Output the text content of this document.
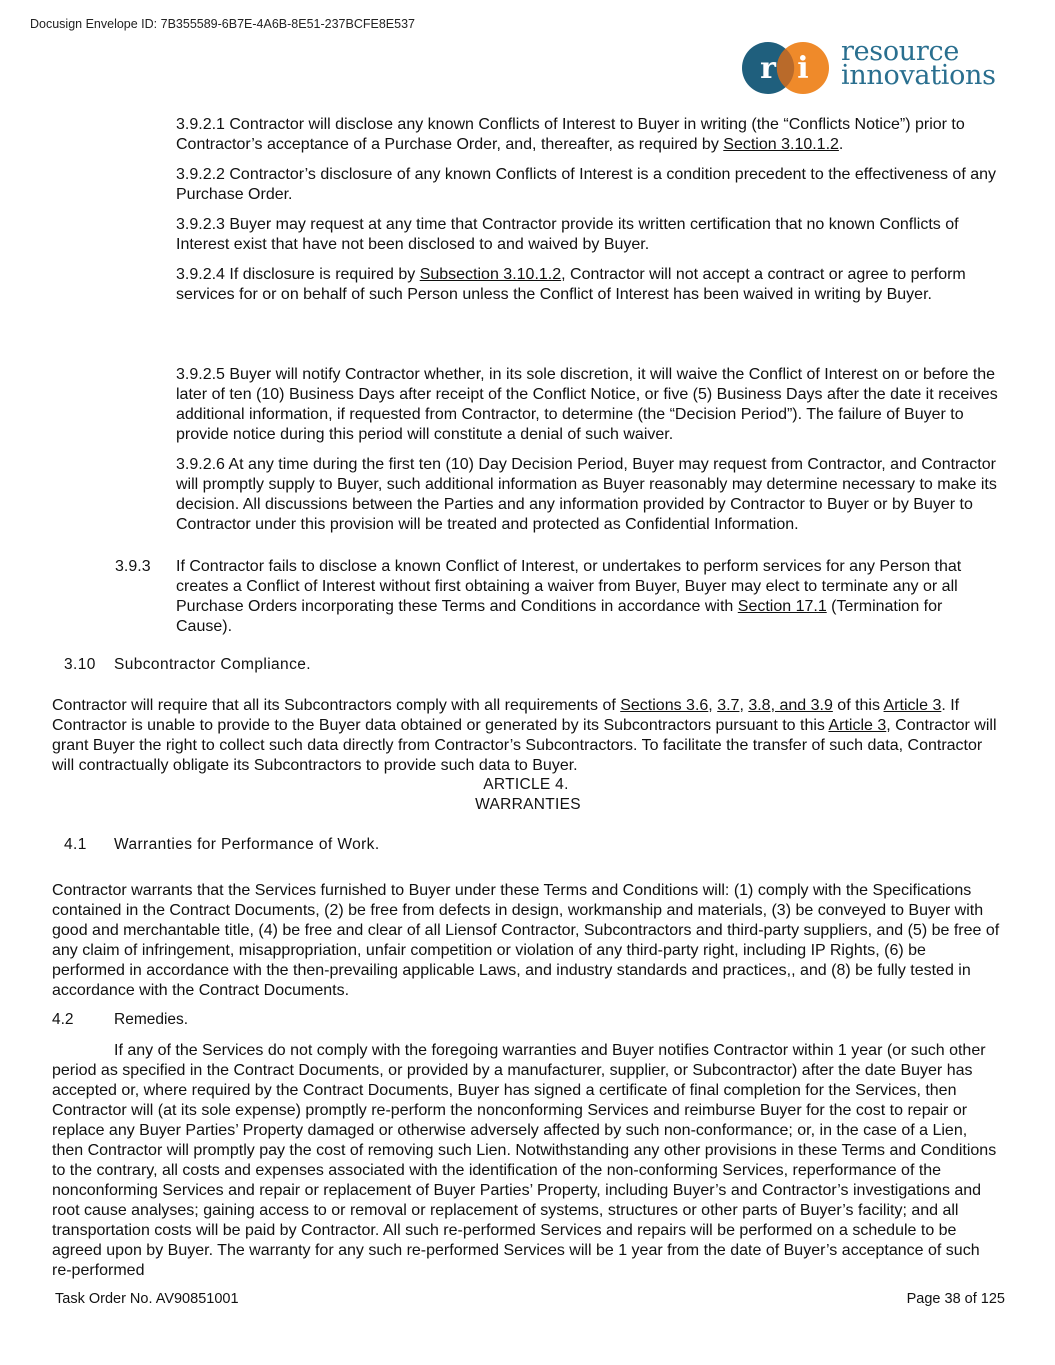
Docusign Envelope ID: 7B355589-6B7E-4A6B-8E51-237BCFE8E537
r i resource
innovations

3.9.2.1 Contractor will disclose any known Conflicts of Interest to Buyer in writing (the “Conflicts Notice”) prior to Contractor’s acceptance of a Purchase Order, and, thereafter, as required by Section 3.10.1.2.

3.9.2.2 Contractor’s disclosure of any known Conflicts of Interest is a condition precedent to the effectiveness of any Purchase Order.

3.9.2.3 Buyer may request at any time that Contractor provide its written certification that no known Conflicts of Interest exist that have not been disclosed to and waived by Buyer.

3.9.2.4 If disclosure is required by Subsection 3.10.1.2, Contractor will not accept a contract or agree to perform services for or on behalf of such Person unless the Conflict of Interest has been waived in writing by Buyer.

3.9.2.5 Buyer will notify Contractor whether, in its sole discretion, it will waive the Conflict of Interest on or before the later of ten (10) Business Days after receipt of the Conflict Notice, or five (5) Business Days after the date it receives additional information, if requested from Contractor, to determine (the “Decision Period”). The failure of Buyer to provide notice during this period will constitute a denial of such waiver.

3.9.2.6 At any time during the first ten (10) Day Decision Period, Buyer may request from Contractor, and Contractor will promptly supply to Buyer, such additional information as Buyer reasonably may determine necessary to make its decision. All discussions between the Parties and any information provided by Contractor to Buyer or by Buyer to Contractor under this provision will be treated and protected as Confidential Information.

3.9.3 If Contractor fails to disclose a known Conflict of Interest, or undertakes to perform services for any Person that creates a Conflict of Interest without first obtaining a waiver from Buyer, Buyer may elect to terminate any or all Purchase Orders incorporating these Terms and Conditions in accordance with Section 17.1 (Termination for Cause).

3.10 Subcontractor Compliance.

Contractor will require that all its Subcontractors comply with all requirements of Sections 3.6, 3.7, 3.8, and 3.9 of this Article 3. If Contractor is unable to provide to the Buyer data obtained or generated by its Subcontractors pursuant to this Article 3, Contractor will grant Buyer the right to collect such data directly from Contractor’s Subcontractors. To facilitate the transfer of such data, Contractor will contractually obligate its Subcontractors to provide such data to Buyer.

ARTICLE 4.
WARRANTIES
4.1 Warranties for Performance of Work.

Contractor warrants that the Services furnished to Buyer under these Terms and Conditions will: (1) comply with the Specifications contained in the Contract Documents, (2) be free from defects in design, workmanship and materials, (3) be conveyed to Buyer with good and merchantable title, (4) be free and clear of all Liensof Contractor, Subcontractors and third-party suppliers, and (5) be free of any claim of infringement, misappropriation, unfair competition or violation of any third-party right, including IP Rights, (6) be performed in accordance with the then-prevailing applicable Laws, and industry standards and practices,, and (8) be fully tested in accordance with the Contract Documents.

4.2	Remedies.

If any of the Services do not comply with the foregoing warranties and Buyer notifies Contractor within 1 year (or such other period as specified in the Contract Documents, or provided by a manufacturer, supplier, or Subcontractor) after the date Buyer has accepted or, where required by the Contract Documents, Buyer has signed a certificate of final completion for the Services, then Contractor will (at its sole expense) promptly re-perform the nonconforming Services and reimburse Buyer for the cost to repair or replace any Buyer Parties’ Property damaged or otherwise adversely affected by such non-conformance; or, in the case of a Lien, then Contractor will promptly pay the cost of removing such Lien. Notwithstanding any other provisions in these Terms and Conditions to the contrary, all costs and expenses associated with the identification of the non-conforming Services, reperformance of the nonconforming Services and repair or replacement of Buyer Parties’ Property, including Buyer’s and Contractor’s investigations and root cause analyses; gaining access to or removal or replacement of systems, structures or other parts of Buyer’s facility; and all transportation costs will be paid by Contractor. All such re-performed Services and repairs will be performed on a schedule to be agreed upon by Buyer. The warranty for any such re-performed Services will be 1 year from the date of Buyer’s acceptance of such re-performed

Task Order No. AV90851001	Page 38 of 125
